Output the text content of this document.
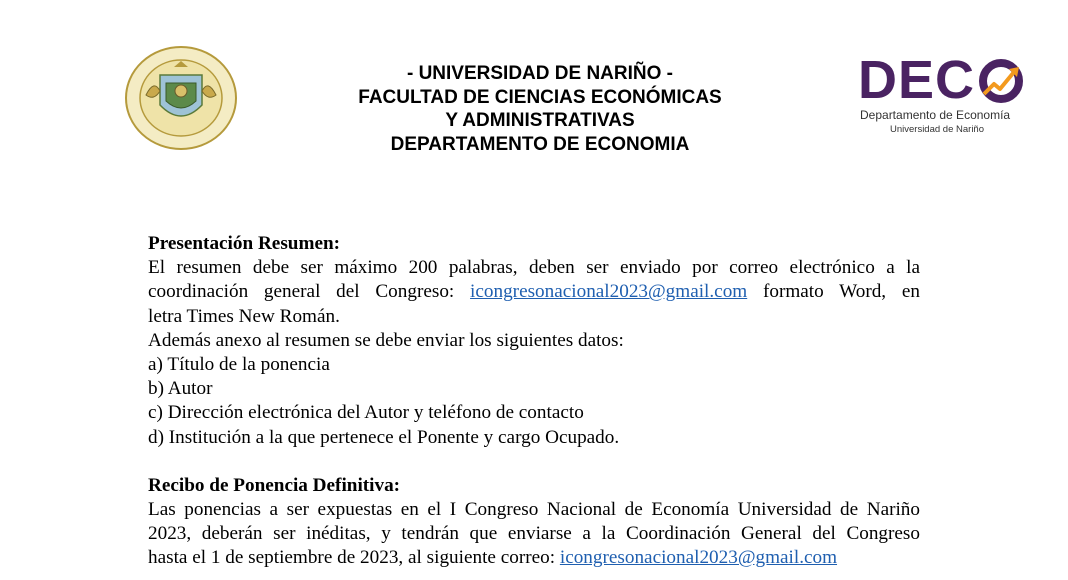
- UNIVERSIDAD DE NARIÑO -
FACULTAD DE CIENCIAS ECONÓMICAS
Y ADMINISTRATIVAS
DEPARTAMENTO DE ECONOMIA
DEC
Departamento de Economía
Universidad de Nariño

Presentación Resumen:

El resumen debe ser máximo 200 palabras, deben ser enviado por correo electrónico a la

coordinación general del Congreso: icongresonacional2023@gmail.com formato Word, en

letra Times New Román.

Además anexo al resumen se debe enviar los siguientes datos:

a) Título de la ponencia

b) Autor

c) Dirección electrónica del Autor y teléfono de contacto

d) Institución a la que pertenece el Ponente y cargo Ocupado.

Recibo de Ponencia Definitiva:

Las ponencias a ser expuestas en el I Congreso Nacional de Economía Universidad de Nariño

2023, deberán ser inéditas, y tendrán que enviarse a la Coordinación General del Congreso

hasta el 1 de septiembre de 2023, al siguiente correo: icongresonacional2023@gmail.com
